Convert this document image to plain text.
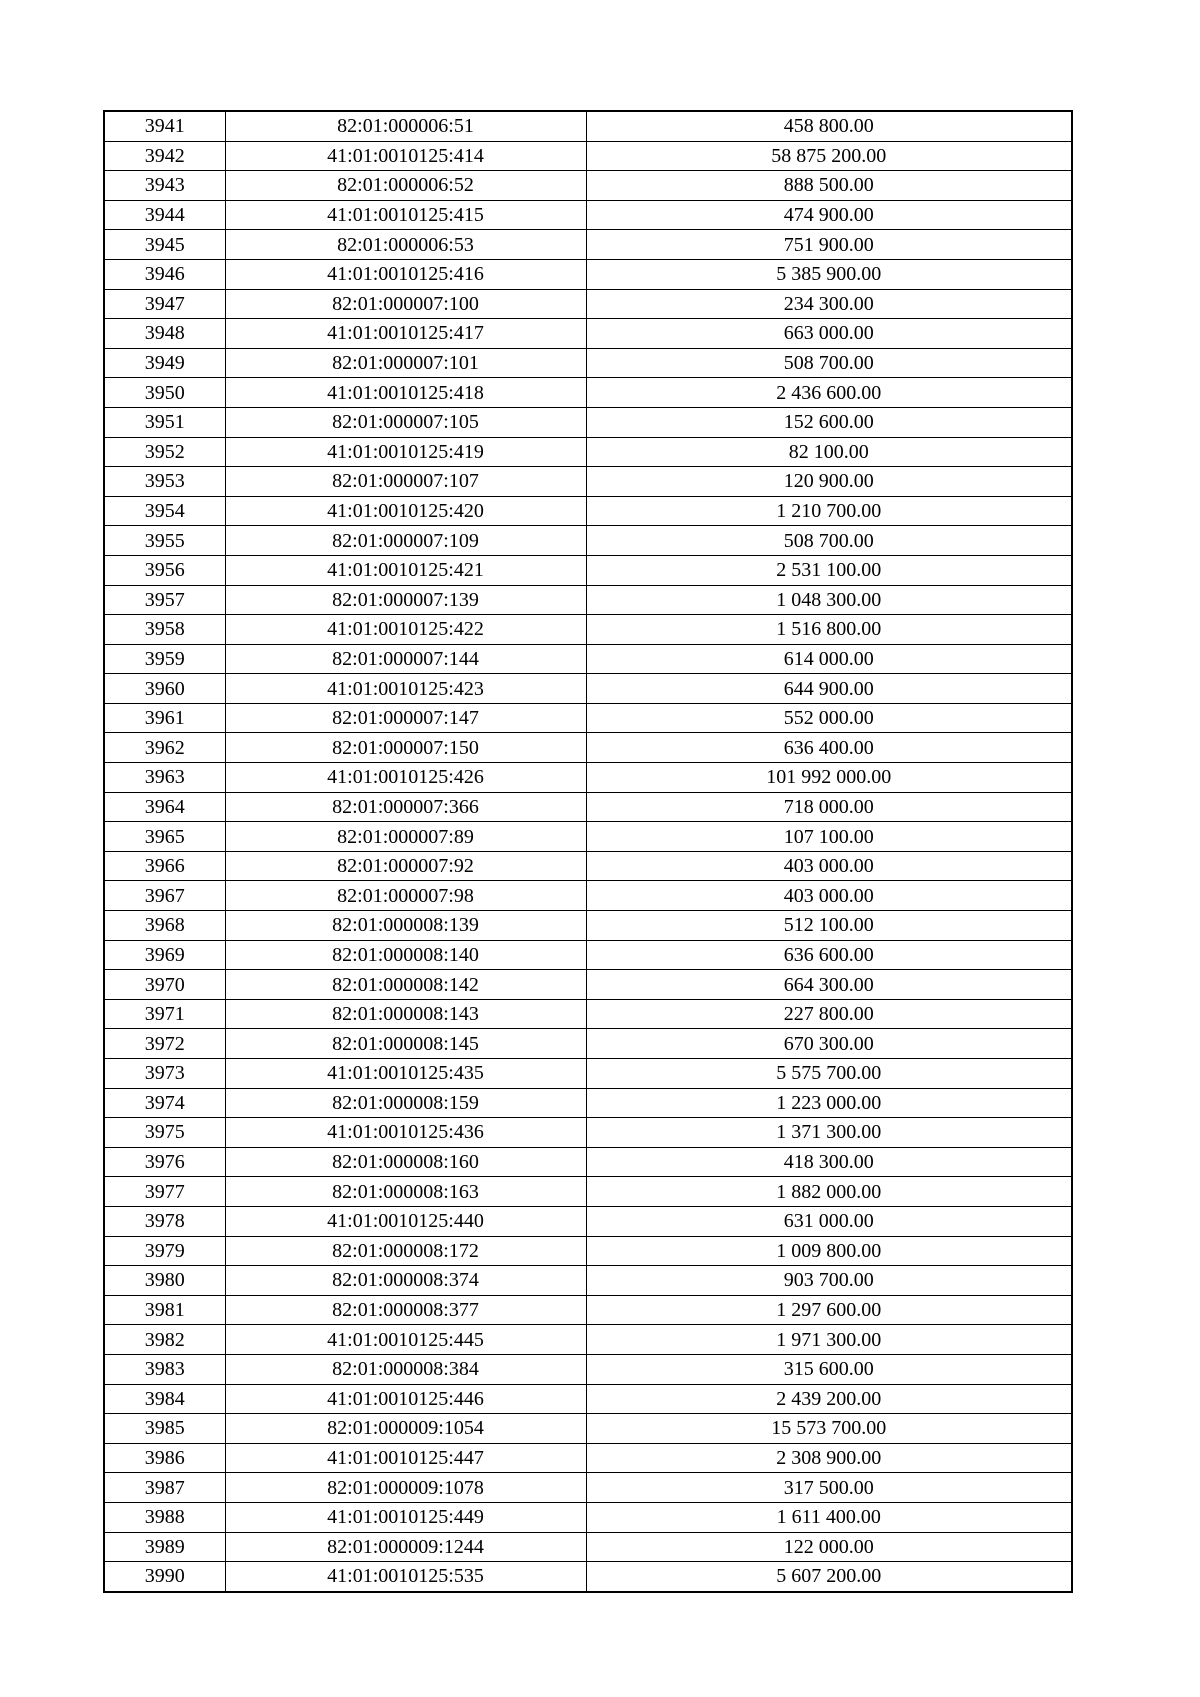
3941	82:01:000006:51	458 800.00
3942	41:01:0010125:414	58 875 200.00
3943	82:01:000006:52	888 500.00
3944	41:01:0010125:415	474 900.00
3945	82:01:000006:53	751 900.00
3946	41:01:0010125:416	5 385 900.00
3947	82:01:000007:100	234 300.00
3948	41:01:0010125:417	663 000.00
3949	82:01:000007:101	508 700.00
3950	41:01:0010125:418	2 436 600.00
3951	82:01:000007:105	152 600.00
3952	41:01:0010125:419	82 100.00
3953	82:01:000007:107	120 900.00
3954	41:01:0010125:420	1 210 700.00
3955	82:01:000007:109	508 700.00
3956	41:01:0010125:421	2 531 100.00
3957	82:01:000007:139	1 048 300.00
3958	41:01:0010125:422	1 516 800.00
3959	82:01:000007:144	614 000.00
3960	41:01:0010125:423	644 900.00
3961	82:01:000007:147	552 000.00
3962	82:01:000007:150	636 400.00
3963	41:01:0010125:426	101 992 000.00
3964	82:01:000007:366	718 000.00
3965	82:01:000007:89	107 100.00
3966	82:01:000007:92	403 000.00
3967	82:01:000007:98	403 000.00
3968	82:01:000008:139	512 100.00
3969	82:01:000008:140	636 600.00
3970	82:01:000008:142	664 300.00
3971	82:01:000008:143	227 800.00
3972	82:01:000008:145	670 300.00
3973	41:01:0010125:435	5 575 700.00
3974	82:01:000008:159	1 223 000.00
3975	41:01:0010125:436	1 371 300.00
3976	82:01:000008:160	418 300.00
3977	82:01:000008:163	1 882 000.00
3978	41:01:0010125:440	631 000.00
3979	82:01:000008:172	1 009 800.00
3980	82:01:000008:374	903 700.00
3981	82:01:000008:377	1 297 600.00
3982	41:01:0010125:445	1 971 300.00
3983	82:01:000008:384	315 600.00
3984	41:01:0010125:446	2 439 200.00
3985	82:01:000009:1054	15 573 700.00
3986	41:01:0010125:447	2 308 900.00
3987	82:01:000009:1078	317 500.00
3988	41:01:0010125:449	1 611 400.00
3989	82:01:000009:1244	122 000.00
3990	41:01:0010125:535	5 607 200.00
